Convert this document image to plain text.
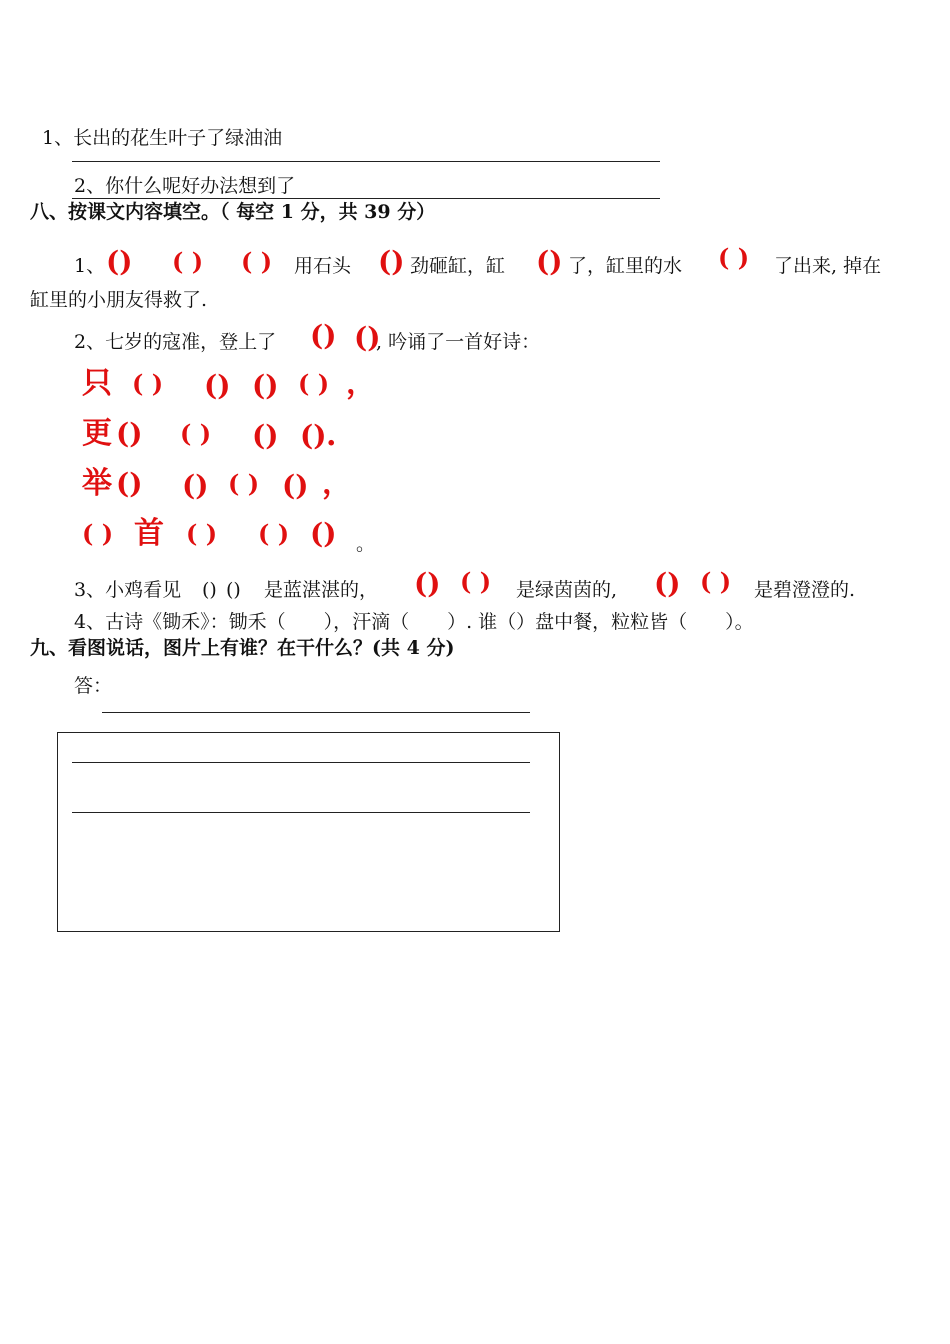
1、长出的花生叶子了绿油油
2、你什么呢好办法想到了
八、按课文内容填空。（ 每空 1 分，共 39 分）
1、 () ( ) ( ) 用石头 () 劲砸缸，缸 () 了，缸里的水 ( ) 了出来, 掉在
缸里的小朋友得救了.
2、七岁的寇准，登上了 () ()
, 吟诵了一首好诗：
只 ( ) () () ( ) ，
更 () ( ) () () .
举 () () ( ) () ，
( ) 首 ( ) ( ) () 。
3、小鸡看见 () () 是蓝湛湛的， () ( ) 是绿茵茵的, () ( ) 是碧澄澄的.
4、古诗《锄禾》：锄禾（　　），汗滴（　　）. 谁（）盘中餐，粒粒皆（　　）。
九、看图说话，图片上有谁？在干什么？(共 4 分)
答：
